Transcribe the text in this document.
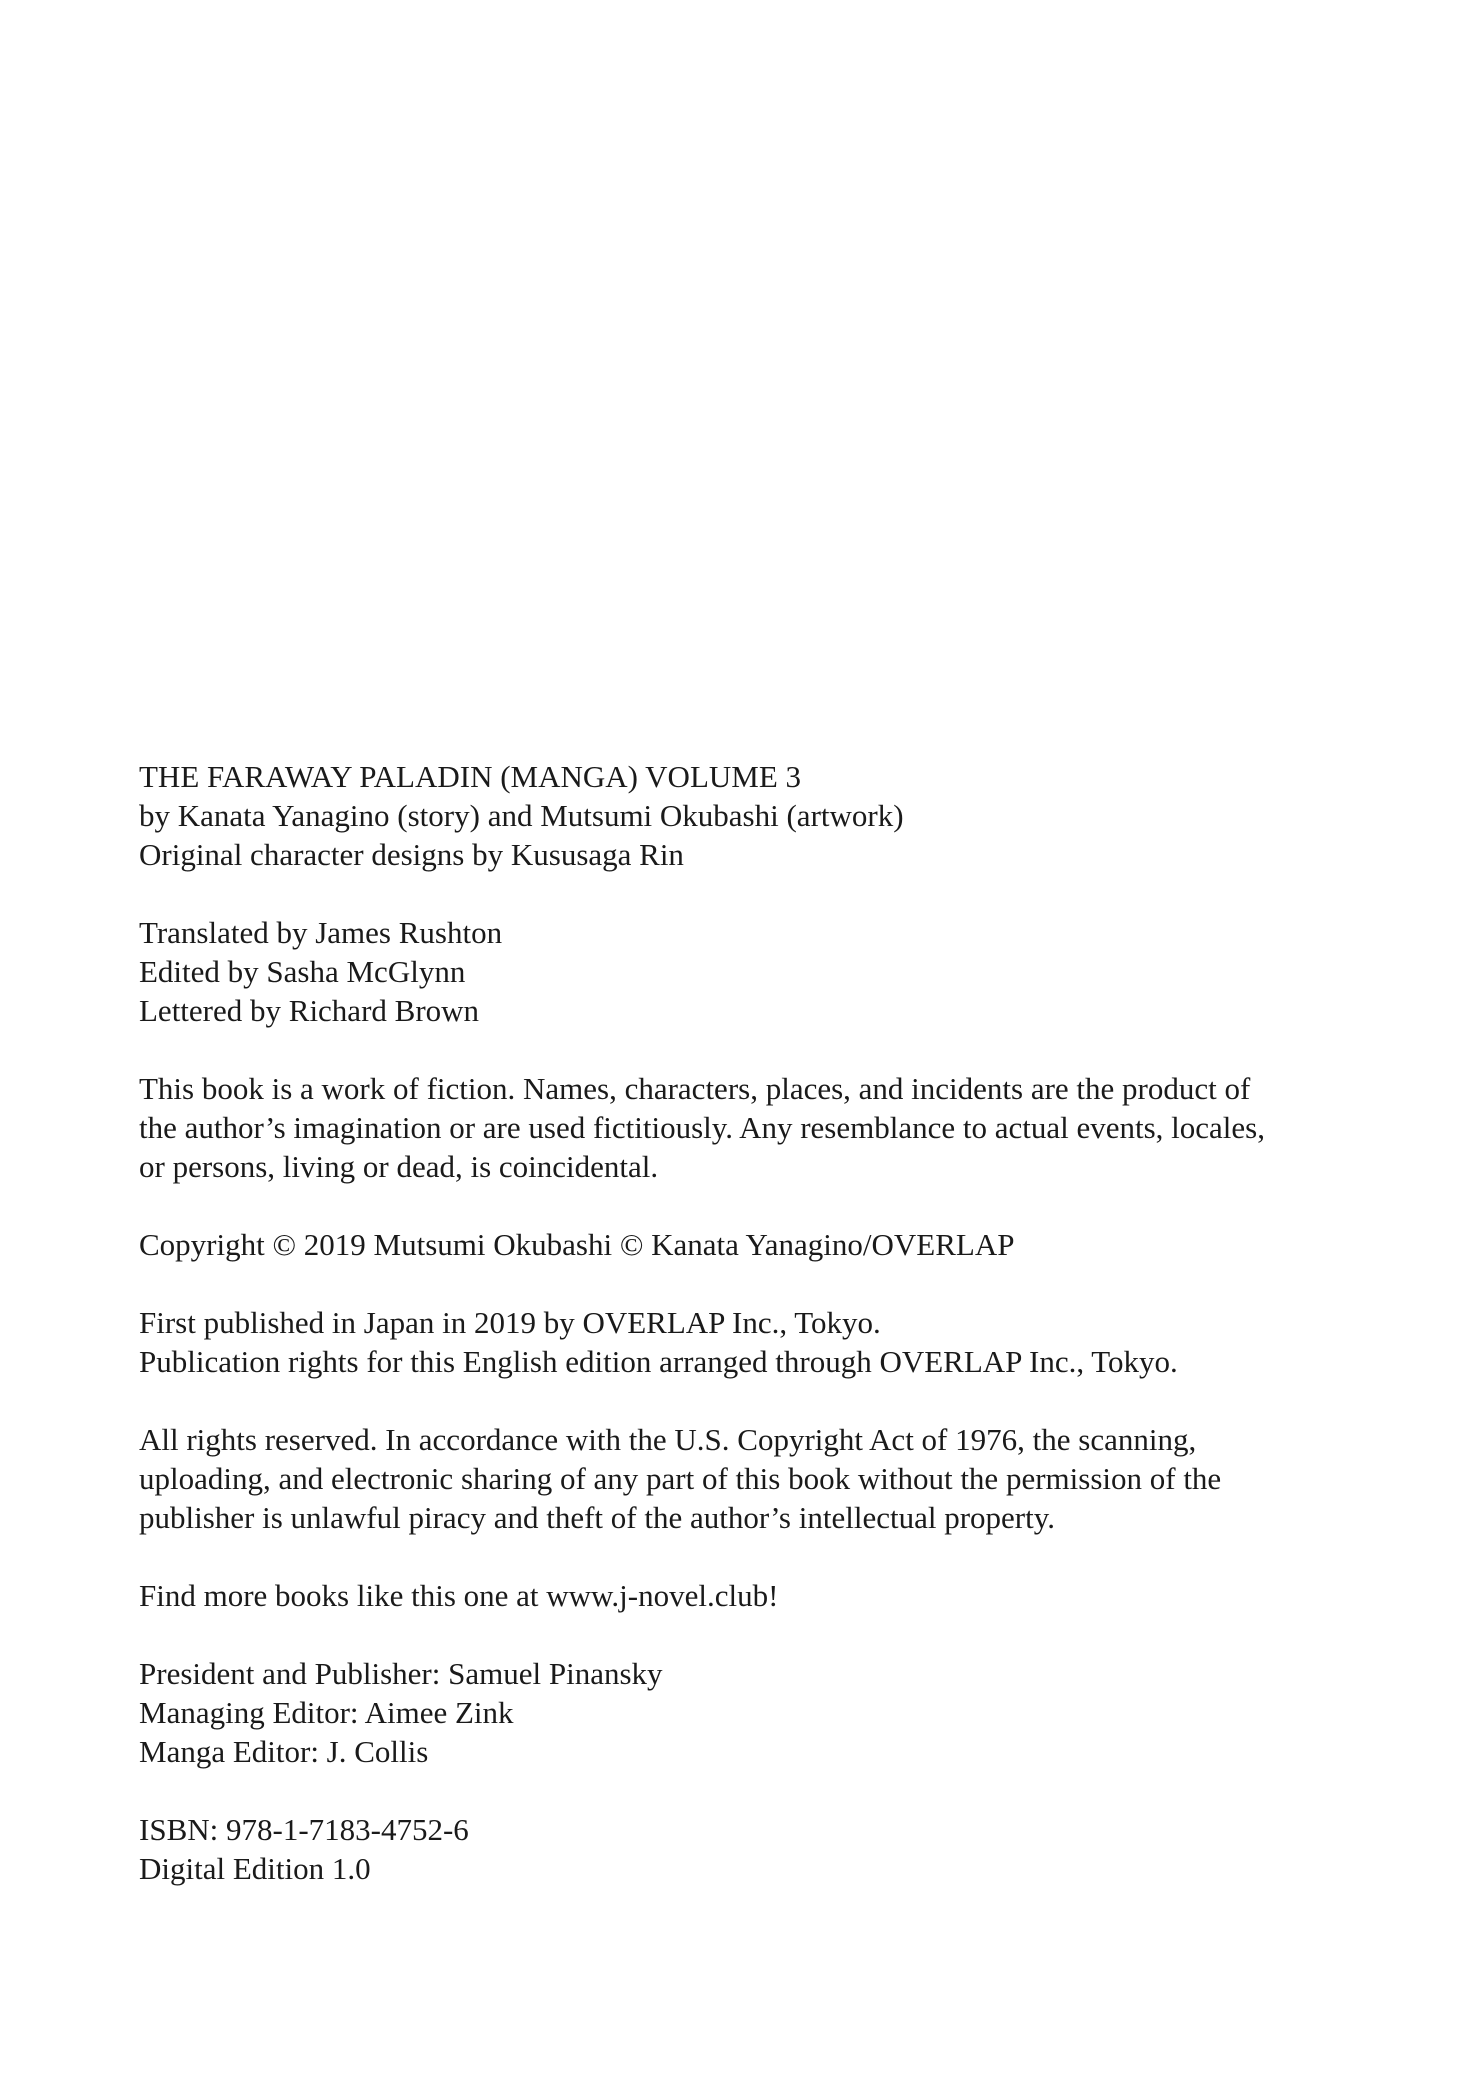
THE FARAWAY PALADIN (MANGA) VOLUME 3
by Kanata Yanagino (story) and Mutsumi Okubashi (artwork)
Original character designs by Kususaga Rin
Translated by James Rushton
Edited by Sasha McGlynn
Lettered by Richard Brown
This book is a work of fiction. Names, characters, places, and incidents are the product of
the author’s imagination or are used fictitiously. Any resemblance to actual events, locales,
or persons, living or dead, is coincidental.
Copyright © 2019 Mutsumi Okubashi © Kanata Yanagino/OVERLAP
First published in Japan in 2019 by OVERLAP Inc., Tokyo.
Publication rights for this English edition arranged through OVERLAP Inc., Tokyo.
All rights reserved. In accordance with the U.S. Copyright Act of 1976, the scanning,
uploading, and electronic sharing of any part of this book without the permission of the
publisher is unlawful piracy and theft of the author’s intellectual property.
Find more books like this one at www.j-novel.club!
President and Publisher: Samuel Pinansky
Managing Editor: Aimee Zink
Manga Editor: J. Collis
ISBN: 978-1-7183-4752-6
Digital Edition 1.0
